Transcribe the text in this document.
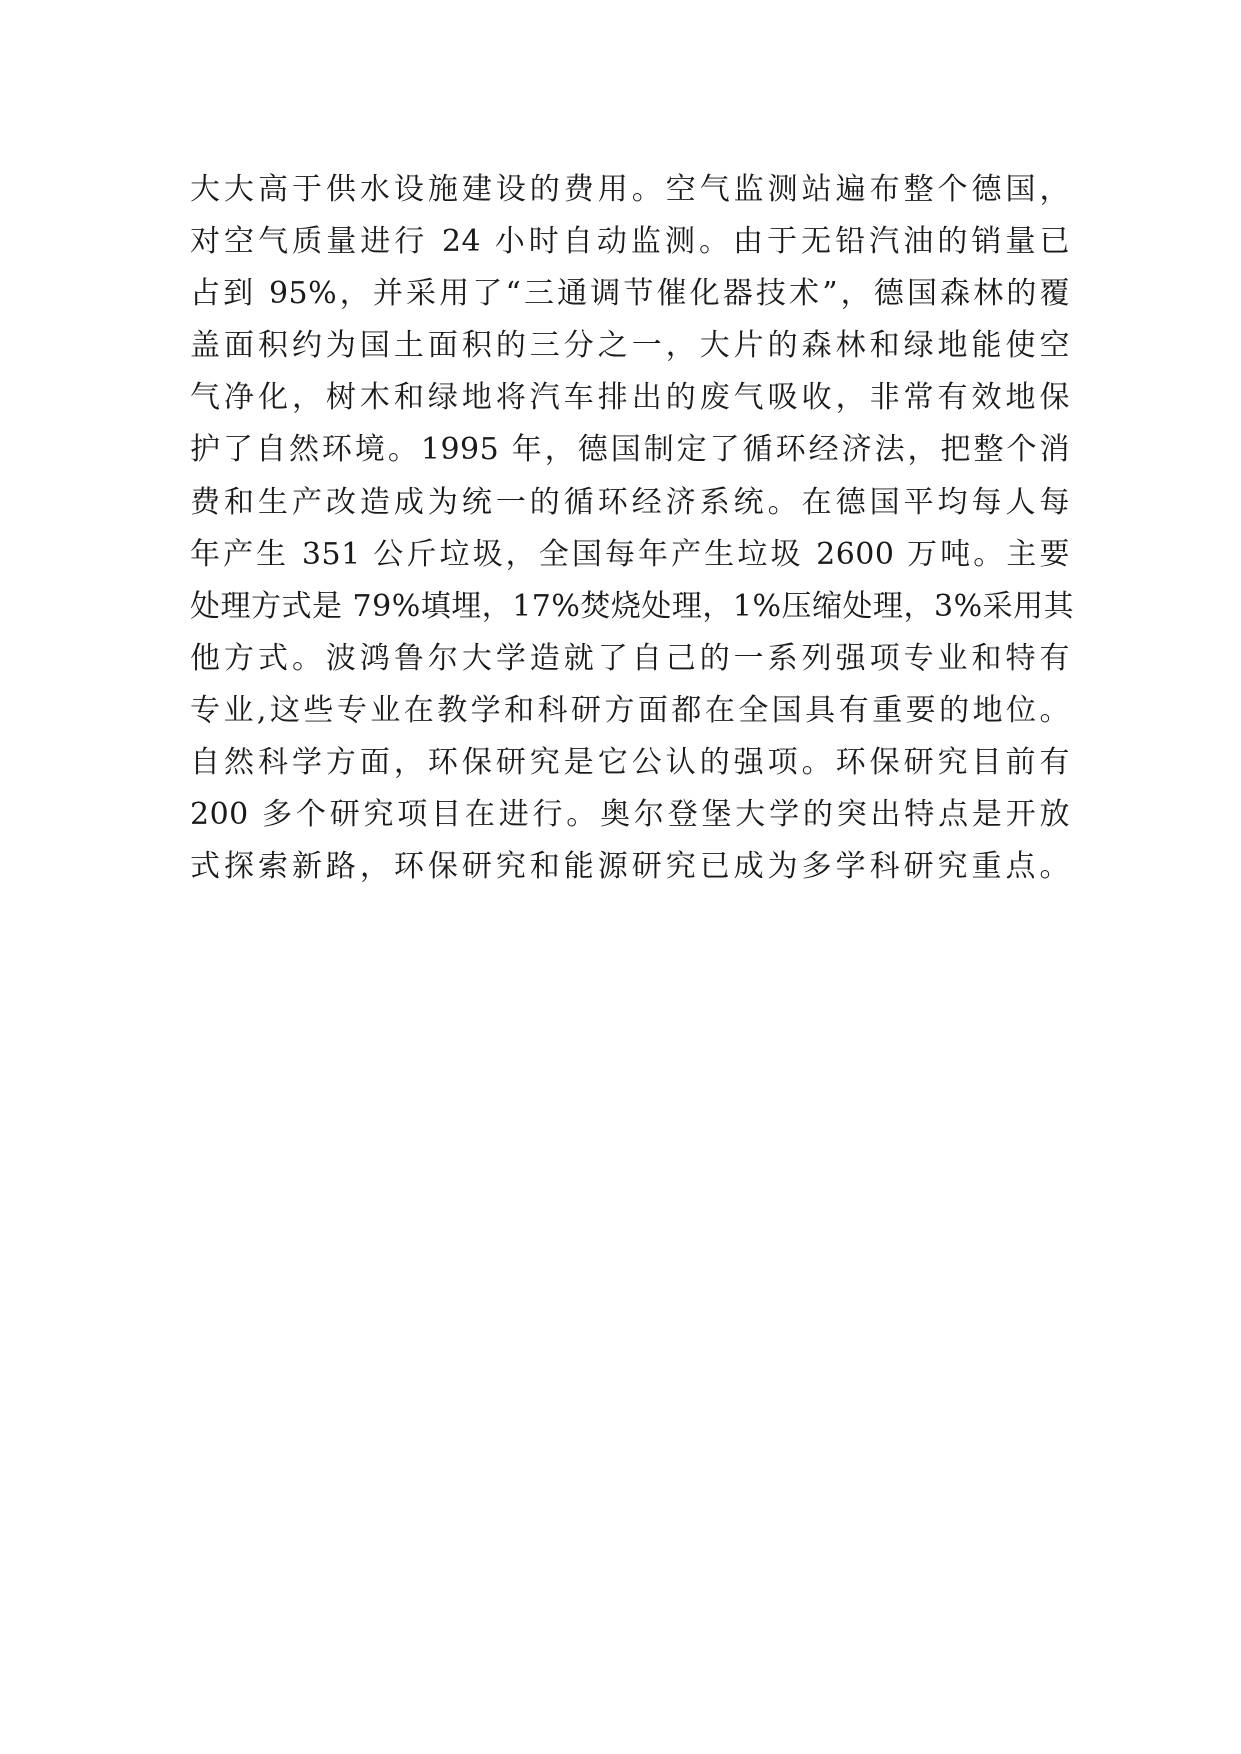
大大高于供水设施建设的费用。空气监测站遍布整个德国，
对空气质量进行 24 小时自动监测。由于无铅汽油的销量已
占到 95%，并采用了“三通调节催化器技术”，德国森林的覆
盖面积约为国土面积的三分之一，大片的森林和绿地能使空
气净化，树木和绿地将汽车排出的废气吸收，非常有效地保
护了自然环境。1995 年，德国制定了循环经济法，把整个消
费和生产改造成为统一的循环经济系统。在德国平均每人每
年产生 351 公斤垃圾，全国每年产生垃圾 2600 万吨。主要
处理方式是 79%填埋，17%焚烧处理，1%压缩处理，3%采用其
他方式。波鸿鲁尔大学造就了自己的一系列强项专业和特有
专业,这些专业在教学和科研方面都在全国具有重要的地位。
自然科学方面，环保研究是它公认的强项。环保研究目前有
200 多个研究项目在进行。奥尔登堡大学的突出特点是开放
式探索新路，环保研究和能源研究已成为多学科研究重点。
